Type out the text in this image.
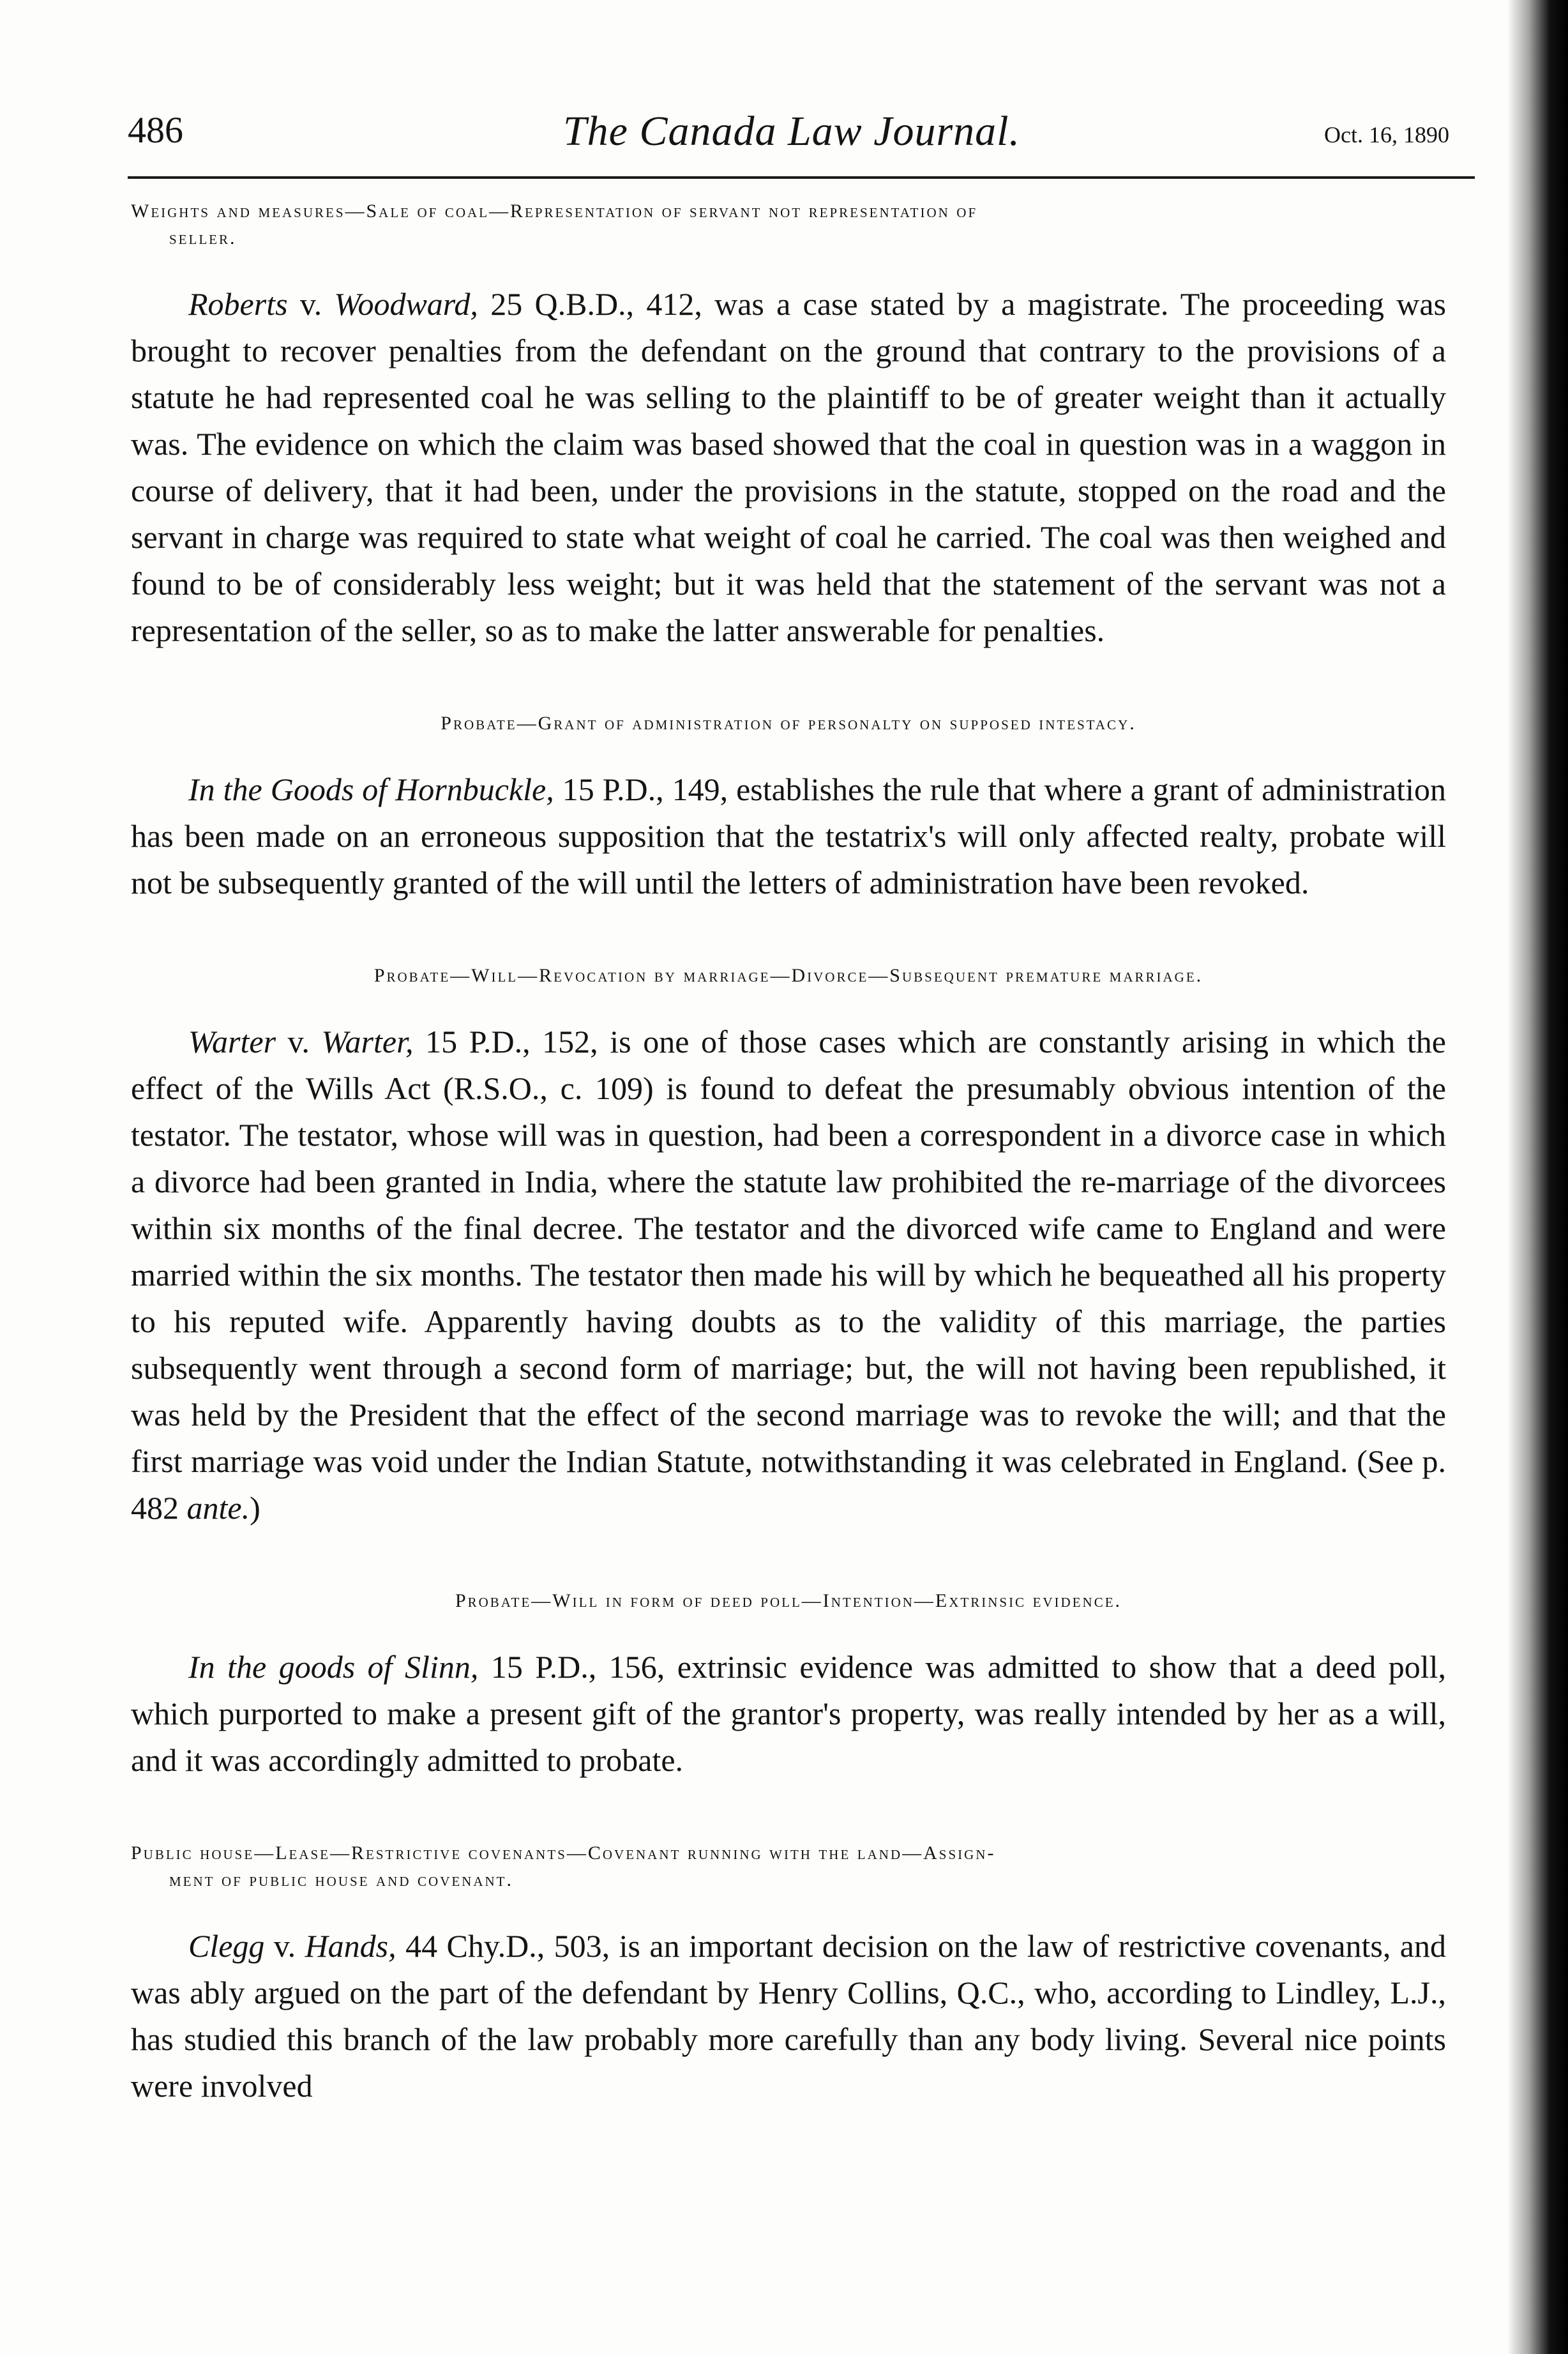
486	The Canada Law Journal.	Oct. 16, 1890
Weights and measures—Sale of coal—Representation of servant not representation of
seller.

Roberts v. Woodward, 25 Q.B.D., 412, was a case stated by a magistrate. The proceeding was brought to recover penalties from the defendant on the ground that contrary to the provisions of a statute he had represented coal he was selling to the plaintiff to be of greater weight than it actually was. The evidence on which the claim was based showed that the coal in question was in a waggon in course of delivery, that it had been, under the provisions in the statute, stopped on the road and the servant in charge was required to state what weight of coal he carried. The coal was then weighed and found to be of considerably less weight; but it was held that the statement of the servant was not a representation of the seller, so as to make the latter answerable for penalties.

Probate—Grant of administration of personalty on supposed intestacy.

In the Goods of Hornbuckle, 15 P.D., 149, establishes the rule that where a grant of administration has been made on an erroneous supposition that the testatrix's will only affected realty, probate will not be subsequently granted of the will until the letters of administration have been revoked.

Probate—Will—Revocation by marriage—Divorce—Subsequent premature marriage.

Warter v. Warter, 15 P.D., 152, is one of those cases which are constantly arising in which the effect of the Wills Act (R.S.O., c. 109) is found to defeat the presumably obvious intention of the testator. The testator, whose will was in question, had been a correspondent in a divorce case in which a divorce had been granted in India, where the statute law prohibited the re-marriage of the divorcees within six months of the final decree. The testator and the divorced wife came to England and were married within the six months. The testator then made his will by which he bequeathed all his property to his reputed wife. Apparently having doubts as to the validity of this marriage, the parties subsequently went through a second form of marriage; but, the will not having been republished, it was held by the President that the effect of the second marriage was to revoke the will; and that the first marriage was void under the Indian Statute, notwithstanding it was celebrated in England. (See p. 482 ante.)

Probate—Will in form of deed poll—Intention—Extrinsic evidence.

In the goods of Slinn, 15 P.D., 156, extrinsic evidence was admitted to show that a deed poll, which purported to make a present gift of the grantor's property, was really intended by her as a will, and it was accordingly admitted to probate.

Public house—Lease—Restrictive covenants—Covenant running with the land—Assign-
ment of public house and covenant.

Clegg v. Hands, 44 Chy.D., 503, is an important decision on the law of restrictive covenants, and was ably argued on the part of the defendant by Henry Collins, Q.C., who, according to Lindley, L.J., has studied this branch of the law probably more carefully than any body living. Several nice points were involved
